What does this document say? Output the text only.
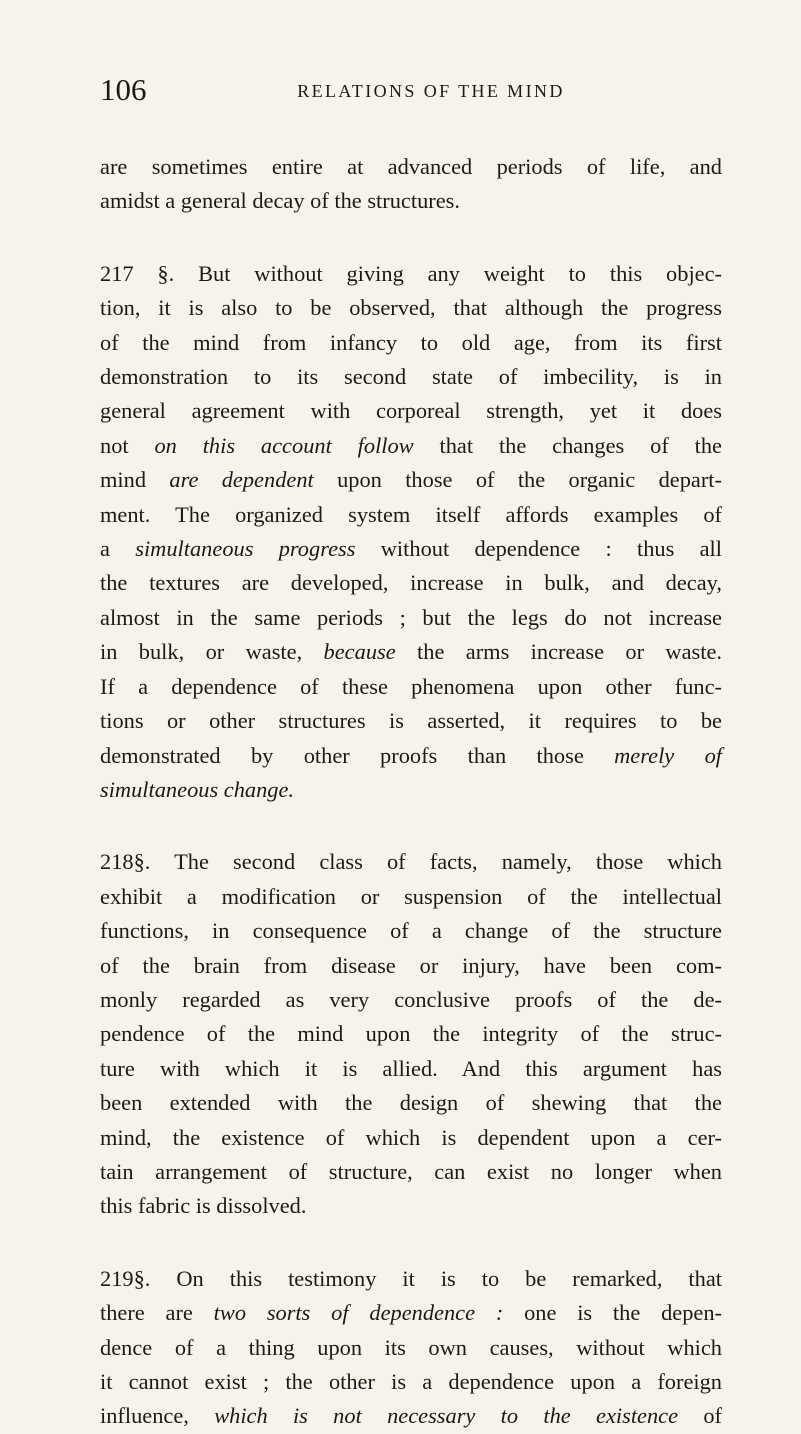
106	RELATIONS OF THE MIND

are sometimes entire at advanced periods of life, and
amidst a general decay of the structures.

217 §. But without giving any weight to this objec-
tion, it is also to be observed, that although the progress
of the mind from infancy to old age, from its first
demonstration to its second state of imbecility, is in
general agreement with corporeal strength, yet it does
not on this account follow that the changes of the
mind are dependent upon those of the organic depart-
ment. The organized system itself affords examples of
a simultaneous progress without dependence : thus all
the textures are developed, increase in bulk, and decay,
almost in the same periods ; but the legs do not increase
in bulk, or waste, because the arms increase or waste.
If a dependence of these phenomena upon other func-
tions or other structures is asserted, it requires to be
demonstrated by other proofs than those merely of
simultaneous change.

218§. The second class of facts, namely, those which
exhibit a modification or suspension of the intellectual
functions, in consequence of a change of the structure
of the brain from disease or injury, have been com-
monly regarded as very conclusive proofs of the de-
pendence of the mind upon the integrity of the struc-
ture with which it is allied. And this argument has
been extended with the design of shewing that the
mind, the existence of which is dependent upon a cer-
tain arrangement of structure, can exist no longer when
this fabric is dissolved.

219§. On this testimony it is to be remarked, that
there are two sorts of dependence : one is the depen-
dence of a thing upon its own causes, without which
it cannot exist ; the other is a dependence upon a foreign
influence, which is not necessary to the existence of
